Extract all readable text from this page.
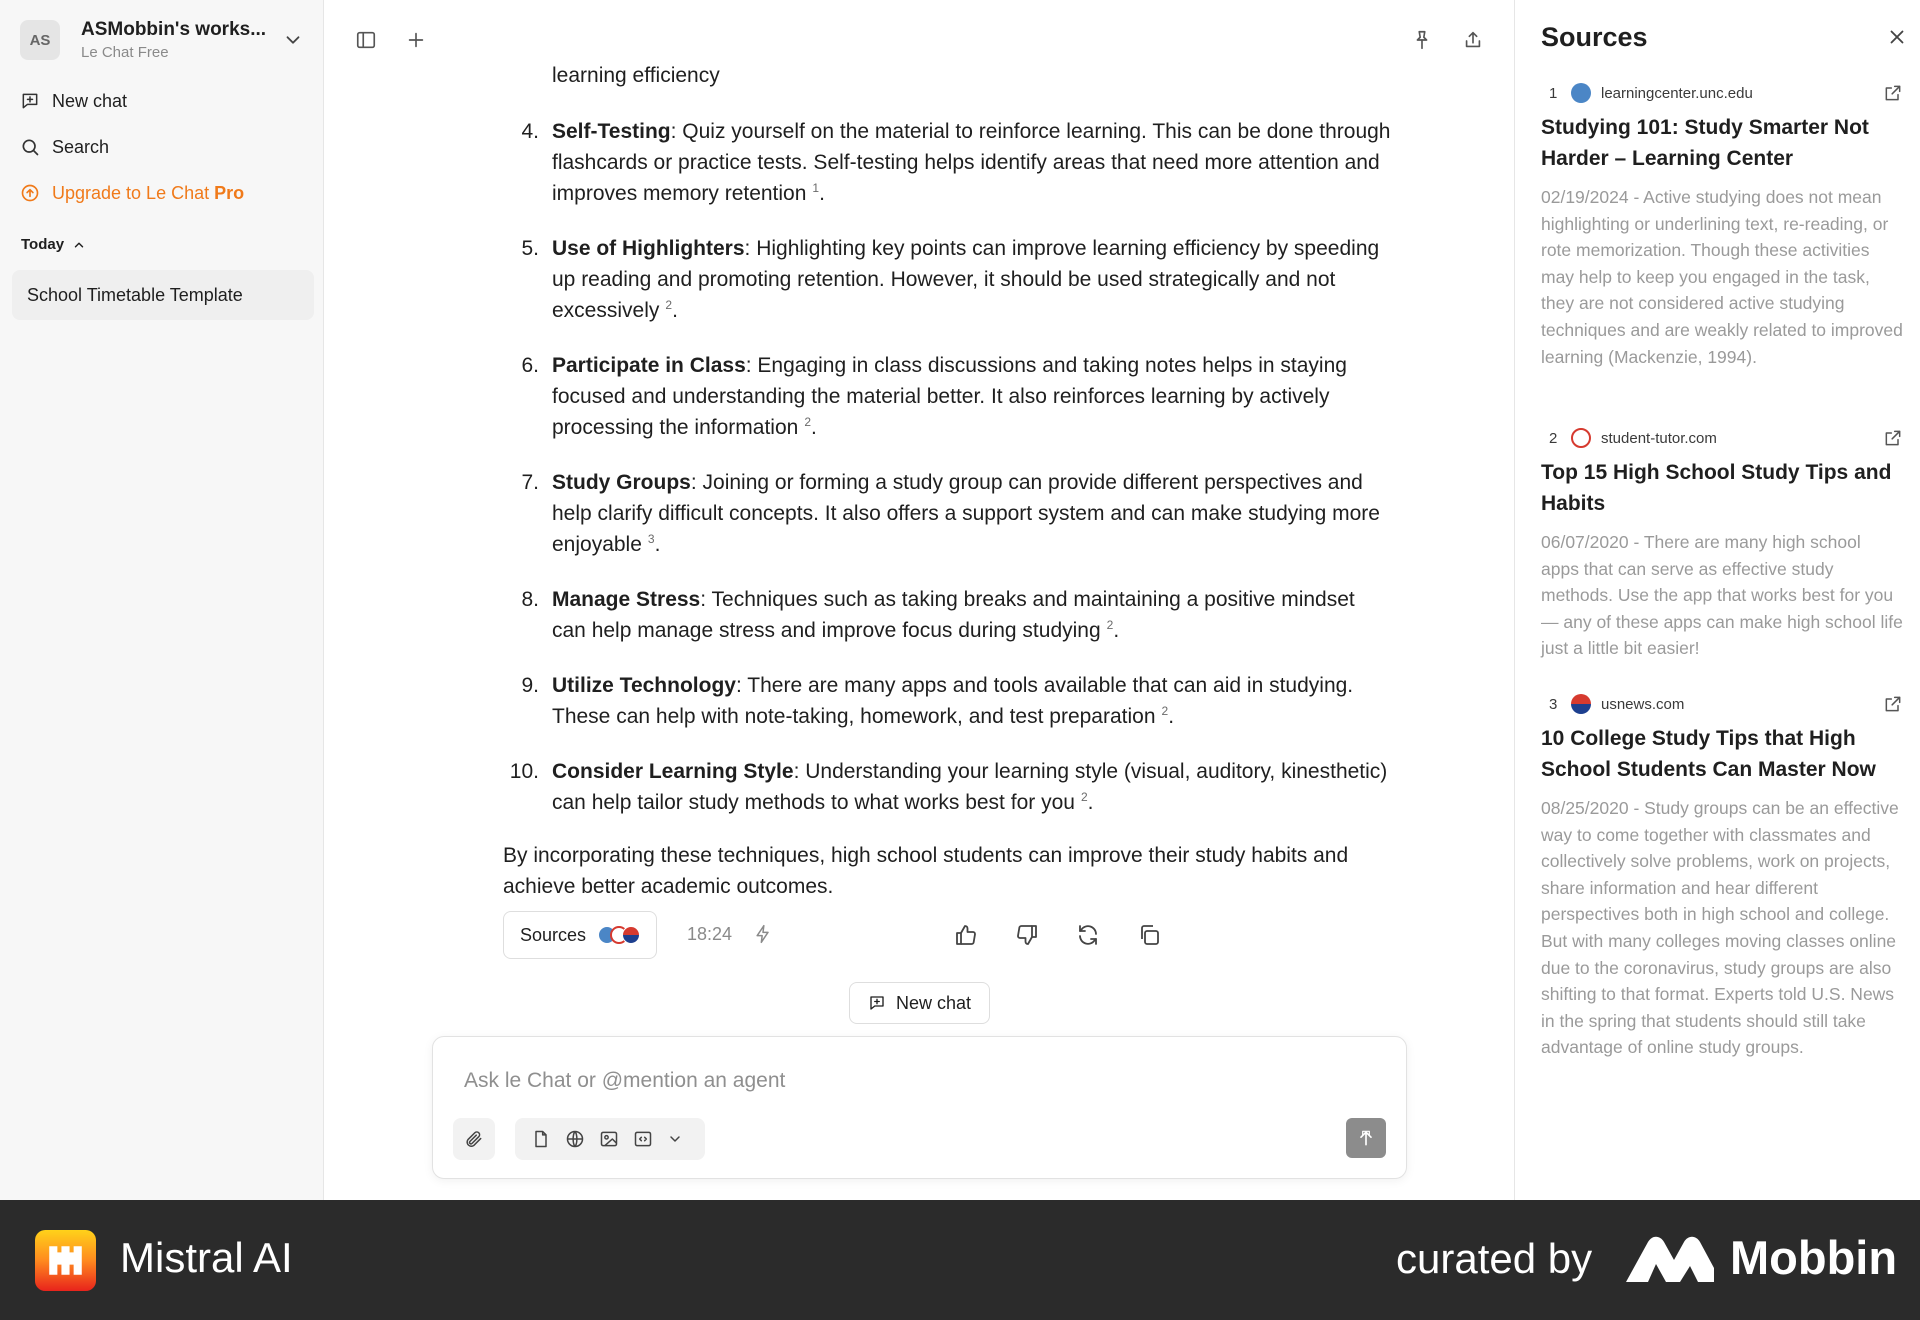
AS	ASMobbin's works...
Le Chat Free
New chat
Search
Upgrade to Le Chat Pro
Today
School Timetable Template
learning efficiency
4. Self-Testing: Quiz yourself on the material to reinforce learning. This can be done through flashcards or practice tests. Self-testing helps identify areas that need more attention and improves memory retention $^1$.
5. Use of Highlighters: Highlighting key points can improve learning efficiency by speeding up reading and promoting retention. However, it should be used strategically and not excessively $^2$.
6. Participate in Class: Engaging in class discussions and taking notes helps in staying focused and understanding the material better. It also reinforces learning by actively processing the information $^2$.
7. Study Groups: Joining or forming a study group can provide different perspectives and help clarify difficult concepts. It also offers a support system and can make studying more enjoyable $^3$.
8. Manage Stress: Techniques such as taking breaks and maintaining a positive mindset can help manage stress and improve focus during studying $^2$.
9. Utilize Technology: There are many apps and tools available that can aid in studying. These can help with note-taking, homework, and test preparation $^2$.
10. Consider Learning Style: Understanding your learning style (visual, auditory, kinesthetic) can help tailor study methods to what works best for you $^2$.
By incorporating these techniques, high school students can improve their study habits and achieve better academic outcomes.
Sources	18:24
New chat
Ask le Chat or @mention an agent
Sources
1	learningcenter.unc.edu
Studying 101: Study Smarter Not Harder – Learning Center
02/19/2024 - Active studying does not mean highlighting or underlining text, re-reading, or rote memorization. Though these activities may help to keep you engaged in the task, they are not considered active studying techniques and are weakly related to improved learning (Mackenzie, 1994).
2	student-tutor.com
Top 15 High School Study Tips and Habits
06/07/2020 - There are many high school apps that can serve as effective study methods. Use the app that works best for you — any of these apps can make high school life just a little bit easier!
3	usnews.com
10 College Study Tips that High School Students Can Master Now
08/25/2020 - Study groups can be an effective way to come together with classmates and collectively solve problems, work on projects, share information and hear different perspectives both in high school and college. But with many colleges moving classes online due to the coronavirus, study groups are also shifting to that format. Experts told U.S. News in the spring that students should still take advantage of online study groups.
Mistral AI	curated by	Mobbin
